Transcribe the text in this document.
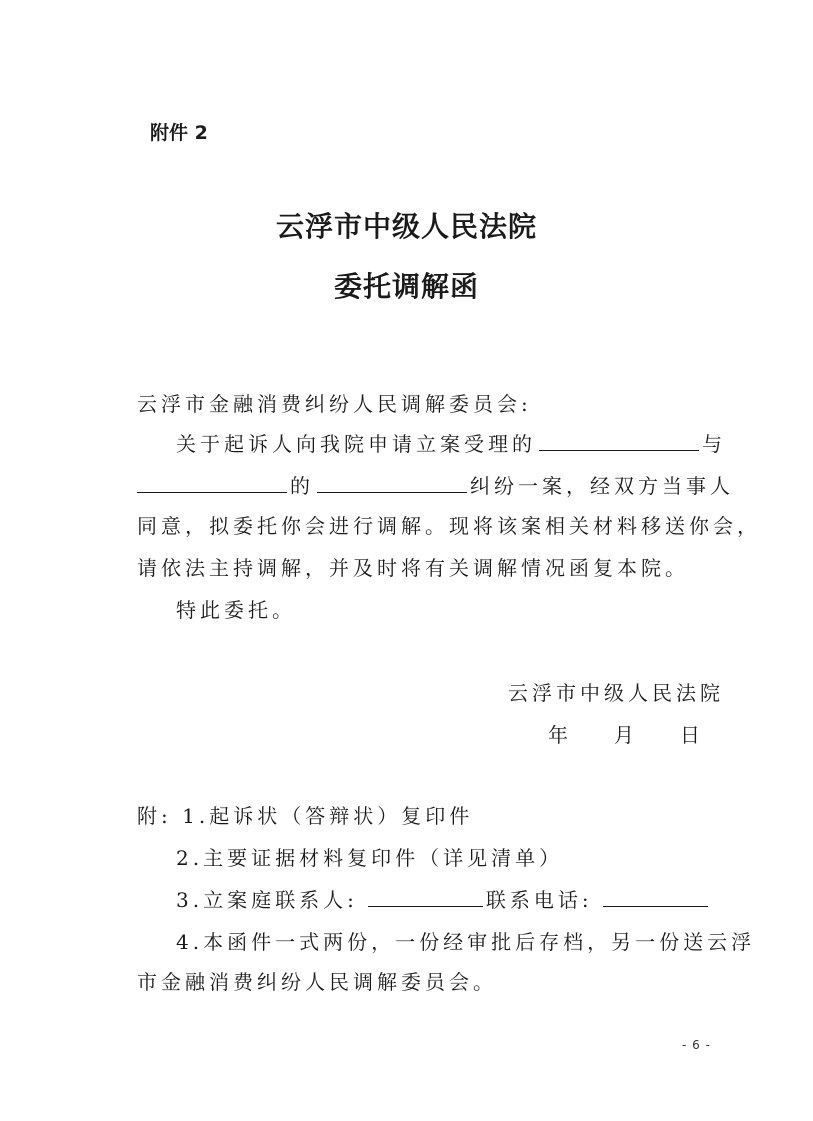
附件 2
云浮市中级人民法院
委托调解函
云浮市金融消费纠纷人民调解委员会:
关于起诉人向我院申请立案受理的	与
的	纠纷一案，经双方当事人
同意，拟委托你会进行调解。现将该案相关材料移送你会，
请依法主持调解，并及时将有关调解情况函复本院。
特此委托。
云浮市中级人民法院
年 月 日
附: 1.起诉状（答辩状）复印件
2.主要证据材料复印件（详见清单）
3.立案庭联系人:	联系电话:
4.本函件一式两份，一份经审批后存档，另一份送云浮
市金融消费纠纷人民调解委员会。
- 6 -
